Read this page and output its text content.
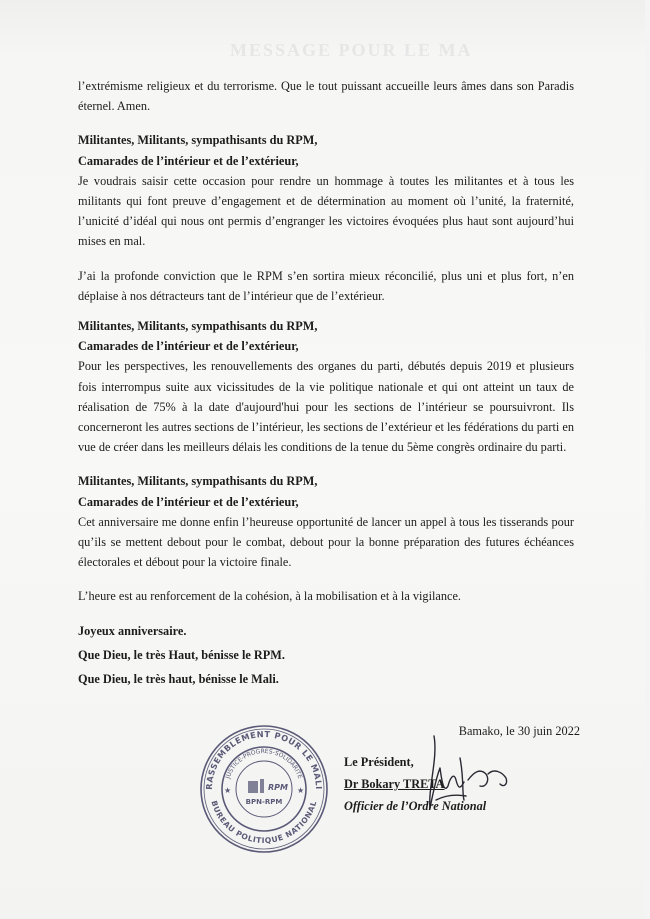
MESSAGE POUR LE MA

l’extrémisme religieux et du terrorisme. Que le tout puissant accueille leurs âmes dans son Paradis éternel. Amen.

Militantes, Militants, sympathisants du RPM,

Camarades de l’intérieur et de l’extérieur,

Je voudrais saisir cette occasion pour rendre un hommage à toutes les militantes et à tous les militants qui font preuve d’engagement et de détermination au moment où l’unité, la fraternité, l’unicité d’idéal qui nous ont permis d’engranger les victoires évoquées plus haut sont aujourd’hui mises en mal.

J’ai la profonde conviction que le RPM s’en sortira mieux réconcilié, plus uni et plus fort, n’en déplaise à nos détracteurs tant de l’intérieur que de l’extérieur.

Militantes, Militants, sympathisants du RPM,

Camarades de l’intérieur et de l’extérieur,

Pour les perspectives, les renouvellements des organes du parti, débutés depuis 2019 et plusieurs fois interrompus suite aux vicissitudes de la vie politique nationale et qui ont atteint un taux de réalisation de 75% à la date d'aujourd'hui pour les sections de l’intérieur se poursuivront. Ils concerneront les autres sections de l’intérieur, les sections de l’extérieur et les fédérations du parti en vue de créer dans les meilleurs délais les conditions de la tenue du 5ème congrès ordinaire du parti.

Militantes, Militants, sympathisants du RPM,

Camarades de l’intérieur et de l’extérieur,

Cet anniversaire me donne enfin l’heureuse opportunité de lancer un appel à tous les tisserands pour qu’ils se mettent debout pour le combat, debout pour la bonne préparation des futures échéances électorales et débout pour la victoire finale.

L’heure est au renforcement de la cohésion, à la mobilisation et à la vigilance.

Joyeux anniversaire.

Que Dieu, le très Haut, bénisse le RPM.

Que Dieu, le très haut, bénisse le Mali.

Bamako, le 30 juin 2022
RASSEMBLEMENT POUR LE MALI
BUREAU POLITIQUE NATIONAL
JUSTICE-PROGRES-SOLIDARITE
RPM
BPN-RPM
★	★
Le Président,
Dr Bokary TRETA
Officier de l’Ordre National
